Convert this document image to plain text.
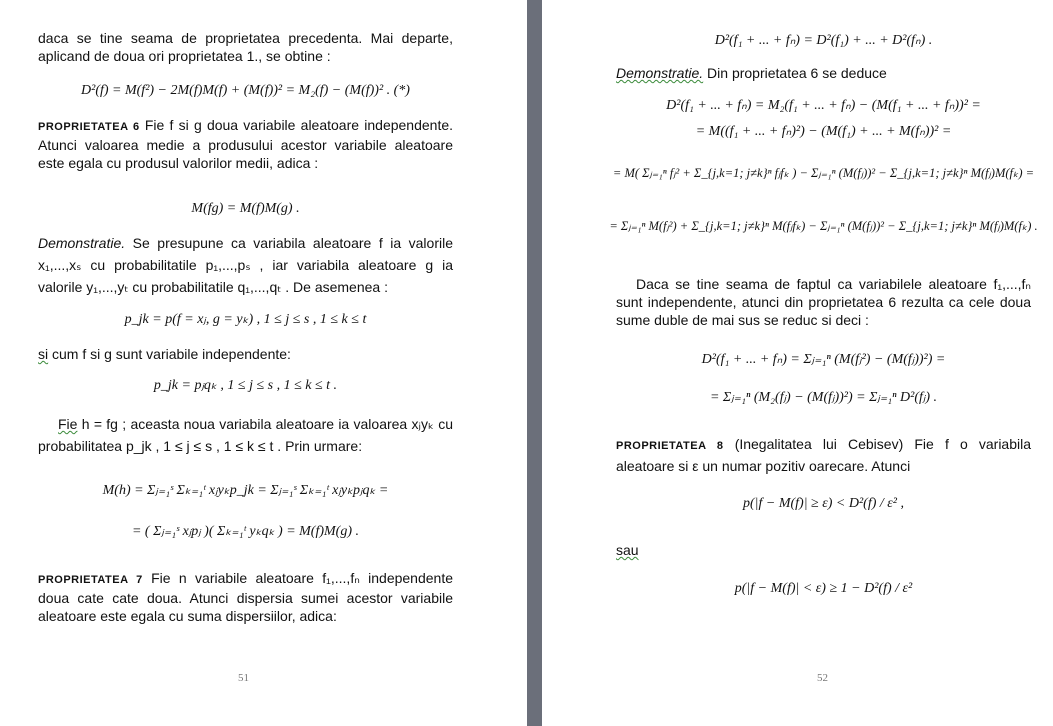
daca se tine seama de proprietatea precedenta. Mai departe, aplicand de doua ori proprietatea 1., se obtine :
D²(f) = M(f²) − 2M(f)M(f) + (M(f))² = M₂(f) − (M(f))² . (*)
PROPRIETATEA 6 Fie f si g doua variabile aleatoare independente. Atunci valoarea medie a produsului acestor variabile aleatoare este egala cu produsul valorilor medii, adica :
M(fg) = M(f)M(g) .
Demonstratie. Se presupune ca variabila aleatoare f ia valorile x₁,...,xₛ cu probabilitatile p₁,...,pₛ , iar variabila aleatoare g ia valorile y₁,...,yₜ cu probabilitatile q₁,...,qₜ . De asemenea :
p_jk = p(f = xⱼ, g = yₖ) , 1 ≤ j ≤ s , 1 ≤ k ≤ t
si cum f si g sunt variabile independente:
p_jk = pⱼqₖ , 1 ≤ j ≤ s , 1 ≤ k ≤ t .
Fie h = fg ; aceasta noua variabila aleatoare ia valoarea xⱼyₖ cu probabilitatea p_jk , 1 ≤ j ≤ s , 1 ≤ k ≤ t . Prin urmare:
M(h) = Σⱼ₌₁ˢ Σₖ₌₁ᵗ xⱼyₖp_jk = Σⱼ₌₁ˢ Σₖ₌₁ᵗ xⱼyₖpⱼqₖ =
= ( Σⱼ₌₁ˢ xⱼpⱼ )( Σₖ₌₁ᵗ yₖqₖ ) = M(f)M(g) .
PROPRIETATEA 7 Fie n variabile aleatoare f₁,...,fₙ independente doua cate cate doua. Atunci dispersia sumei acestor variabile aleatoare este egala cu suma dispersiilor, adica:
51
D²(f₁ + ... + fₙ) = D²(f₁) + ... + D²(fₙ) .
Demonstratie. Din proprietatea 6 se deduce
D²(f₁ + ... + fₙ) = M₂(f₁ + ... + fₙ) − (M(f₁ + ... + fₙ))² =
= M((f₁ + ... + fₙ)²) − (M(f₁) + ... + M(fₙ))² =
= M( Σⱼ₌₁ⁿ fⱼ² + Σ_{j,k=1; j≠k}ⁿ fⱼfₖ ) − Σⱼ₌₁ⁿ (M(fⱼ))² − Σ_{j,k=1; j≠k}ⁿ M(fⱼ)M(fₖ) =
= Σⱼ₌₁ⁿ M(fⱼ²) + Σ_{j,k=1; j≠k}ⁿ M(fⱼfₖ) − Σⱼ₌₁ⁿ (M(fⱼ))² − Σ_{j,k=1; j≠k}ⁿ M(fⱼ)M(fₖ) .
Daca se tine seama de faptul ca variabilele aleatoare f₁,...,fₙ sunt independente, atunci din proprietatea 6 rezulta ca cele doua sume duble de mai sus se reduc si deci :
D²(f₁ + ... + fₙ) = Σⱼ₌₁ⁿ (M(fⱼ²) − (M(fⱼ))²) =
= Σⱼ₌₁ⁿ (M₂(fⱼ) − (M(fⱼ))²) = Σⱼ₌₁ⁿ D²(fⱼ) .
PROPRIETATEA 8 (Inegalitatea lui Cebisev) Fie f o variabila aleatoare si ε un numar pozitiv oarecare. Atunci
p(|f − M(f)| ≥ ε) < D²(f) / ε² ,
sau
p(|f − M(f)| < ε) ≥ 1 − D²(f) / ε²
52
